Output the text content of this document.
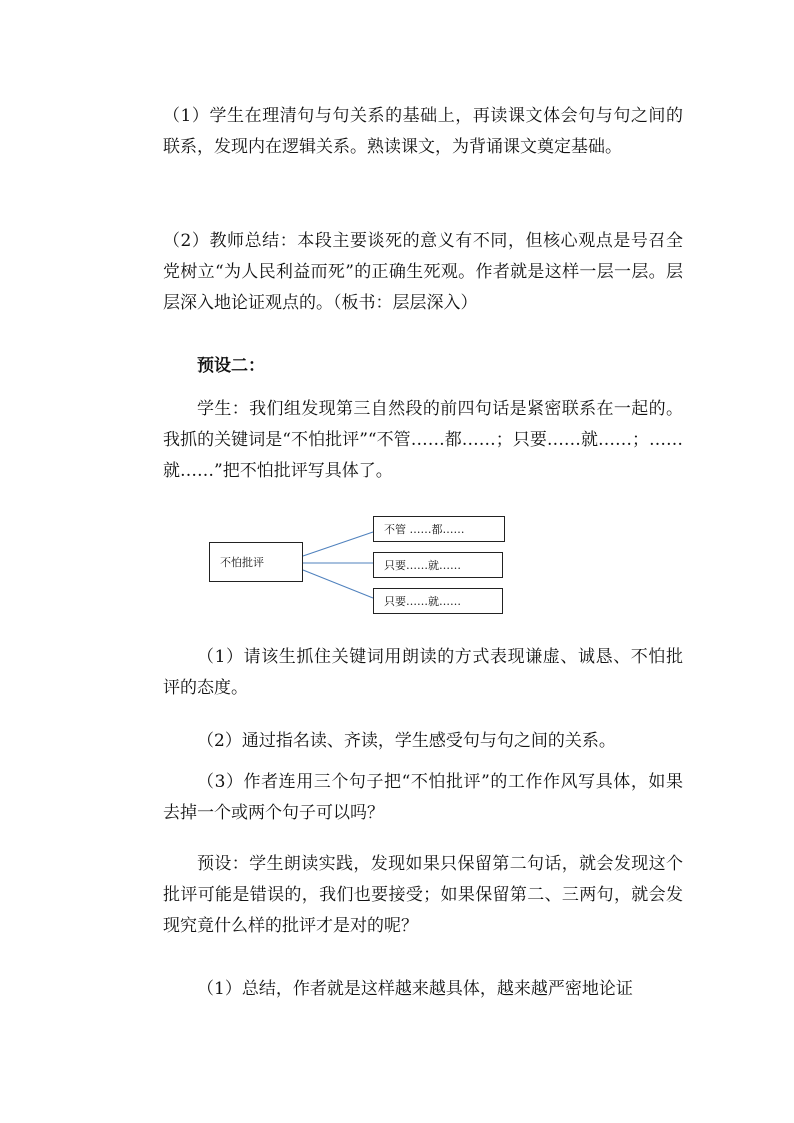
（1）学生在理清句与句关系的基础上，再读课文体会句与句之间的联系，发现内在逻辑关系。熟读课文，为背诵课文奠定基础。

（2）教师总结：本段主要谈死的意义有不同，但核心观点是号召全党树立“为人民利益而死”的正确生死观。作者就是这样一层一层。层层深入地论证观点的。（板书：层层深入）

预设二：

学生：我们组发现第三自然段的前四句话是紧密联系在一起的。我抓的关键词是“不怕批评”“不管……都……；只要……就……；……就……”把不怕批评写具体了。

不怕批评
不管 ……都……
只要……就……
只要……就……

（1）请该生抓住关键词用朗读的方式表现谦虚、诚恳、不怕批评的态度。

（2）通过指名读、齐读，学生感受句与句之间的关系。

（3）作者连用三个句子把“不怕批评”的工作作风写具体，如果去掉一个或两个句子可以吗？

预设：学生朗读实践，发现如果只保留第二句话，就会发现这个批评可能是错误的，我们也要接受；如果保留第二、三两句，就会发现究竟什么样的批评才是对的呢？

（1）总结，作者就是这样越来越具体，越来越严密地论证
